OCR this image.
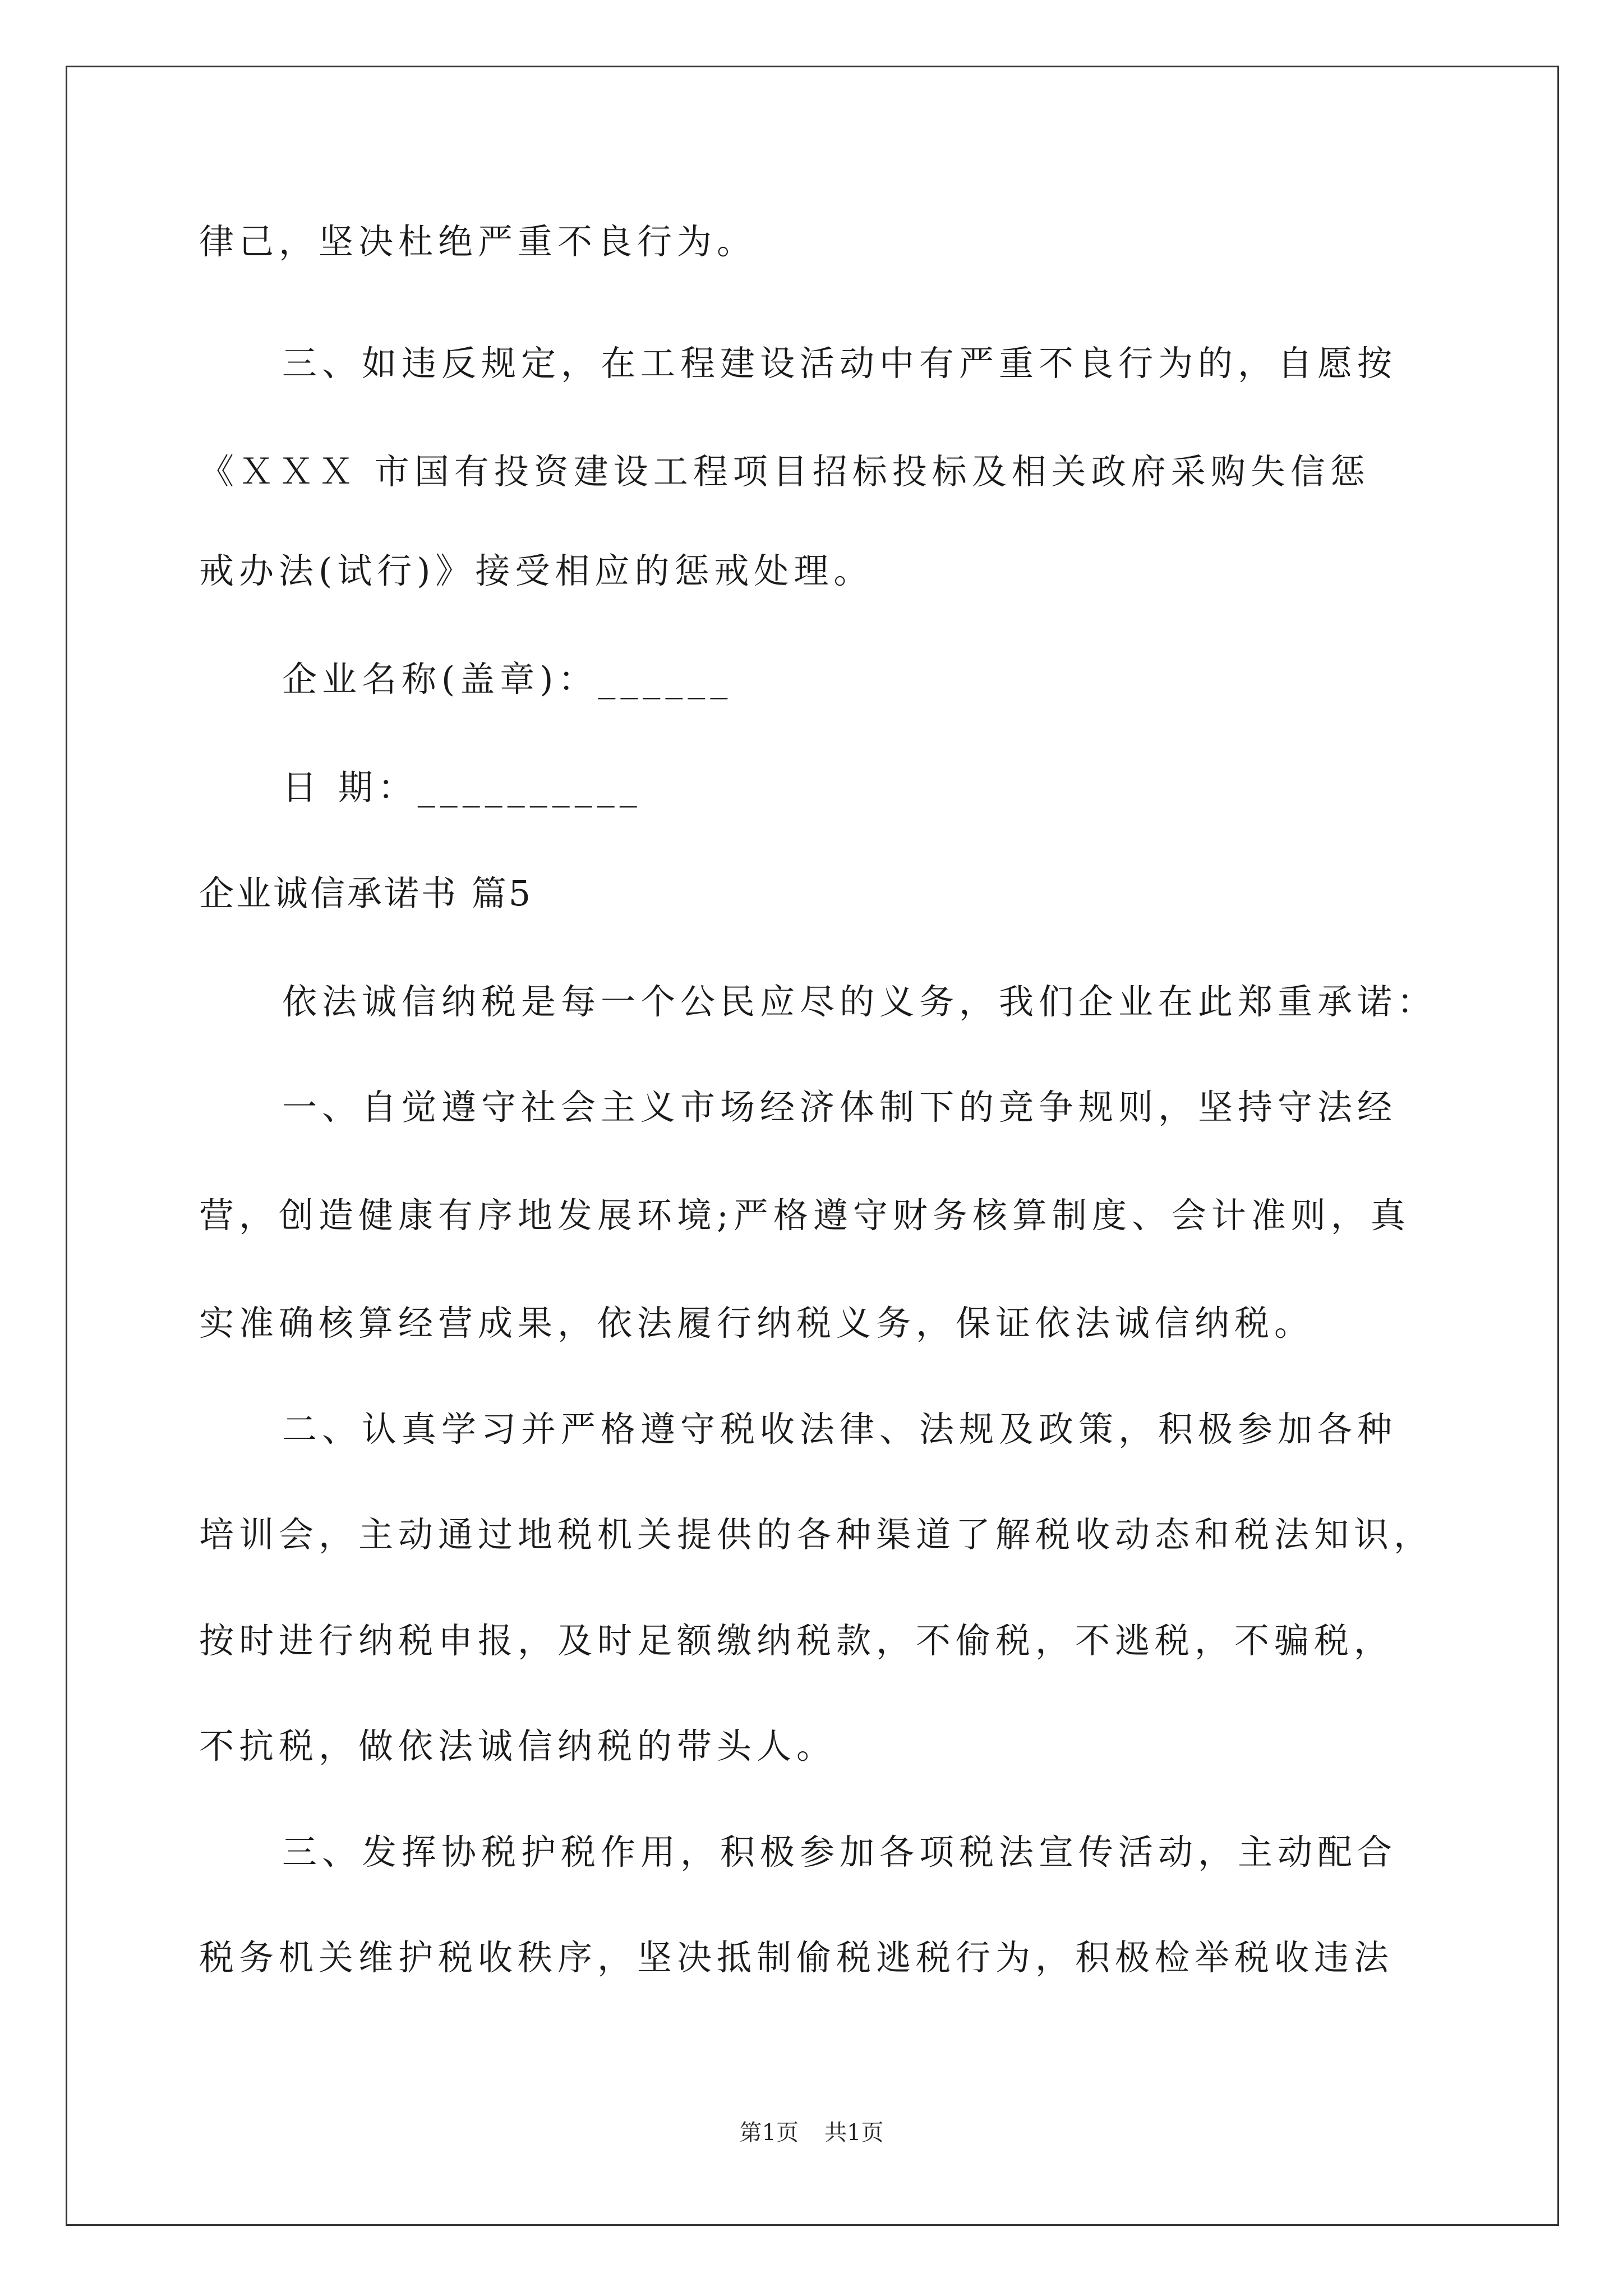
律己，坚决杜绝严重不良行为。
三、如违反规定，在工程建设活动中有严重不良行为的，自愿按
《ＸＸＸ 市国有投资建设工程项目招标投标及相关政府采购失信惩
戒办法(试行)》接受相应的惩戒处理。
企业名称(盖章)：______
日 期：__________
企业诚信承诺书 篇5
依法诚信纳税是每一个公民应尽的义务，我们企业在此郑重承诺：
一、自觉遵守社会主义市场经济体制下的竞争规则，坚持守法经
营，创造健康有序地发展环境;严格遵守财务核算制度、会计准则，真
实准确核算经营成果，依法履行纳税义务，保证依法诚信纳税。
二、认真学习并严格遵守税收法律、法规及政策，积极参加各种
培训会，主动通过地税机关提供的各种渠道了解税收动态和税法知识，
按时进行纳税申报，及时足额缴纳税款，不偷税，不逃税，不骗税，
不抗税，做依法诚信纳税的带头人。
三、发挥协税护税作用，积极参加各项税法宣传活动，主动配合
税务机关维护税收秩序，坚决抵制偷税逃税行为，积极检举税收违法
第1页 共1页
